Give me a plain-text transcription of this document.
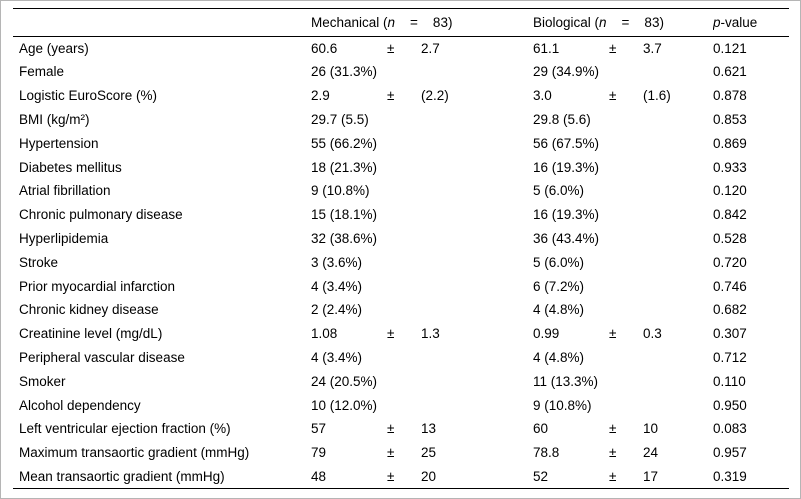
	Mechanical (n    =    83)	Biological (n    =    83)	p-value
Age (years)	60.6 ± 2.7	61.1 ± 3.7	0.121
Female	26 (31.3%)	29 (34.9%)	0.621
Logistic EuroScore (%)	2.9 ± (2.2)	3.0 ± (1.6)	0.878
BMI (kg/m²)	29.7 (5.5)	29.8 (5.6)	0.853
Hypertension	55 (66.2%)	56 (67.5%)	0.869
Diabetes mellitus	18 (21.3%)	16 (19.3%)	0.933
Atrial fibrillation	9 (10.8%)	5 (6.0%)	0.120
Chronic pulmonary disease	15 (18.1%)	16 (19.3%)	0.842
Hyperlipidemia	32 (38.6%)	36 (43.4%)	0.528
Stroke	3 (3.6%)	5 (6.0%)	0.720
Prior myocardial infarction	4 (3.4%)	6 (7.2%)	0.746
Chronic kidney disease	2 (2.4%)	4 (4.8%)	0.682
Creatinine level (mg/dL)	1.08 ± 1.3	0.99 ± 0.3	0.307
Peripheral vascular disease	4 (3.4%)	4 (4.8%)	0.712
Smoker	24 (20.5%)	11 (13.3%)	0.110
Alcohol dependency	10 (12.0%)	9 (10.8%)	0.950
Left ventricular ejection fraction (%)	57 ± 13	60 ± 10	0.083
Maximum transaortic gradient (mmHg)	79 ± 25	78.8 ± 24	0.957
Mean transaortic gradient (mmHg)	48 ± 20	52 ± 17	0.319
